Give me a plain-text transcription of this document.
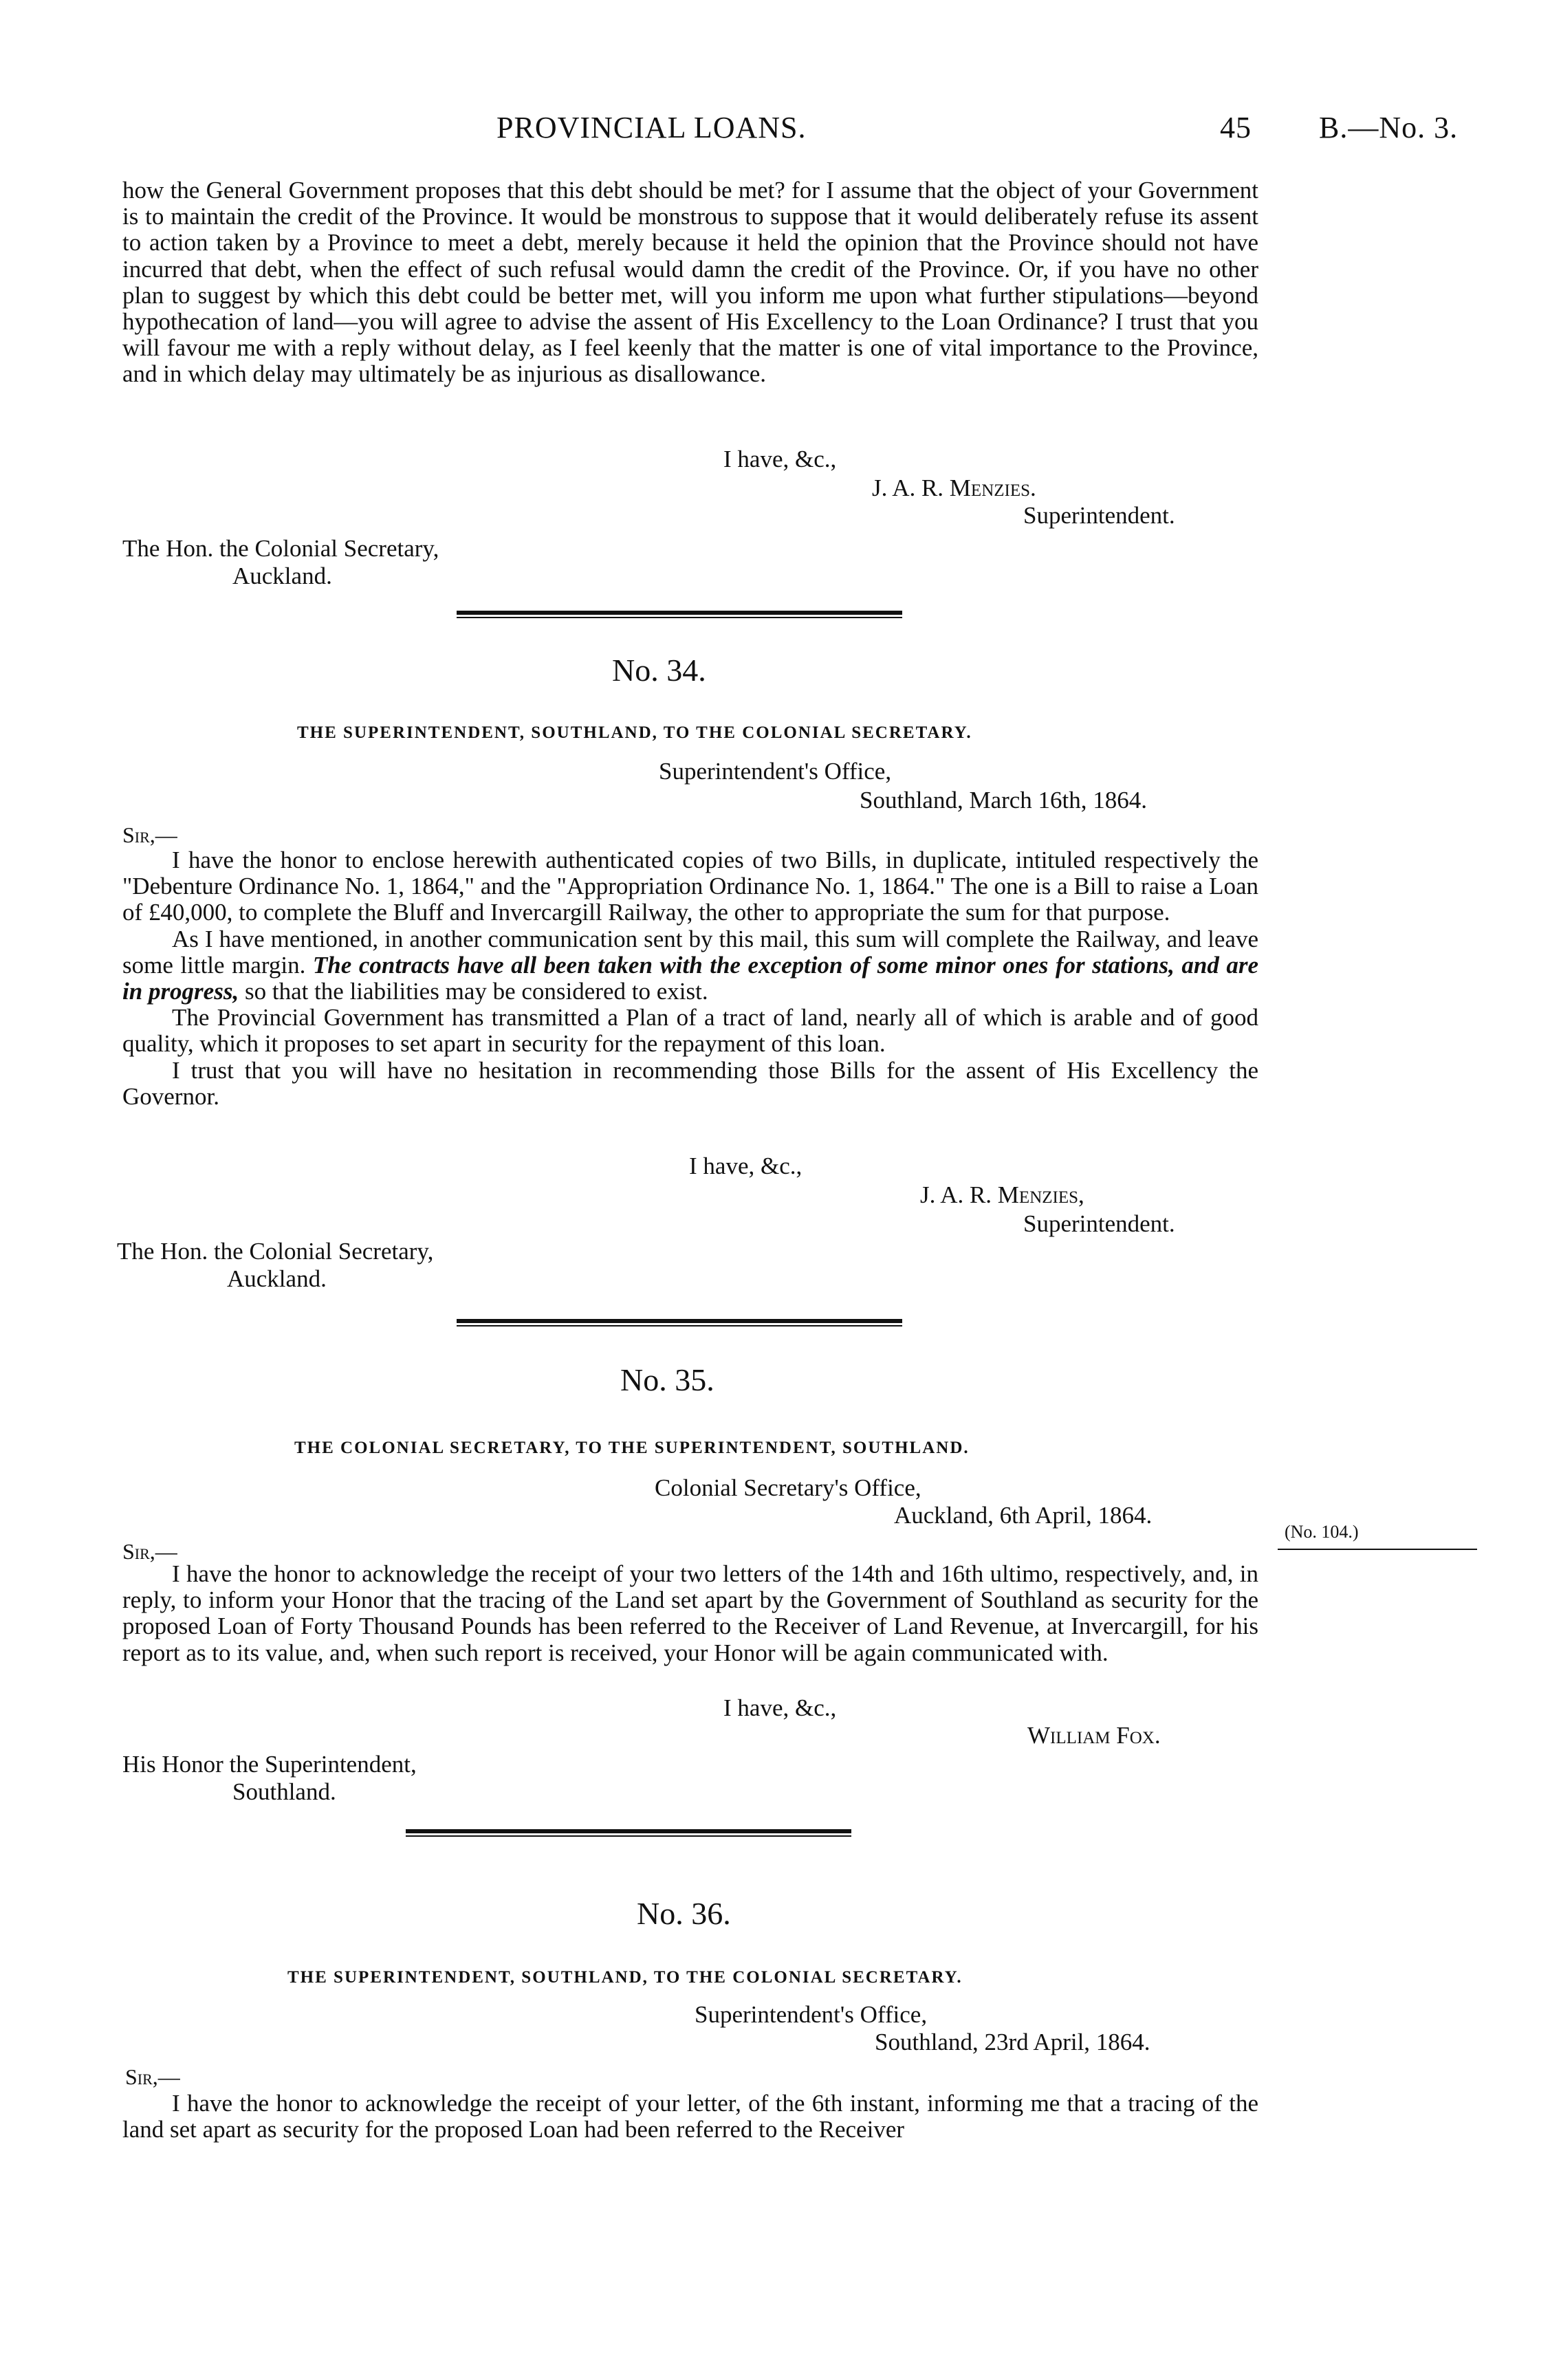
PROVINCIAL LOANS.	45 B.—No. 3.

how the General Government proposes that this debt should be met? for I assume that the object of your Government is to maintain the credit of the Province. It would be monstrous to suppose that it would deliberately refuse its assent to action taken by a Province to meet a debt, merely because it held the opinion that the Province should not have incurred that debt, when the effect of such refusal would damn the credit of the Province. Or, if you have no other plan to suggest by which this debt could be better met, will you inform me upon what further stipulations—beyond hypothecation of land—you will agree to advise the assent of His Excellency to the Loan Ordinance? I trust that you will favour me with a reply without delay, as I feel keenly that the matter is one of vital importance to the Province, and in which delay may ultimately be as injurious as disallowance.

I have, &c.,
J. A. R. Menzies.
Superintendent.
The Hon. the Colonial Secretary,
Auckland.
No. 34.
THE SUPERINTENDENT, SOUTHLAND, TO THE COLONIAL SECRETARY.
Superintendent's Office,
Southland, March 16th, 1864.
Sir,—

I have the honor to enclose herewith authenticated copies of two Bills, in duplicate, intituled respectively the "Debenture Ordinance No. 1, 1864," and the "Appropriation Ordinance No. 1, 1864." The one is a Bill to raise a Loan of £40,000, to complete the Bluff and Invercargill Railway, the other to appropriate the sum for that purpose.

As I have mentioned, in another communication sent by this mail, this sum will complete the Railway, and leave some little margin. The contracts have all been taken with the exception of some minor ones for stations, and are in progress, so that the liabilities may be considered to exist.

The Provincial Government has transmitted a Plan of a tract of land, nearly all of which is arable and of good quality, which it proposes to set apart in security for the repayment of this loan.

I trust that you will have no hesitation in recommending those Bills for the assent of His Excellency the Governor.

I have, &c.,
J. A. R. Menzies,
Superintendent.
The Hon. the Colonial Secretary,
Auckland.
No. 35.
THE COLONIAL SECRETARY, TO THE SUPERINTENDENT, SOUTHLAND.
Colonial Secretary's Office,
Auckland, 6th April, 1864.
(No. 104.)
Sir,—

I have the honor to acknowledge the receipt of your two letters of the 14th and 16th ultimo, respectively, and, in reply, to inform your Honor that the tracing of the Land set apart by the Government of Southland as security for the proposed Loan of Forty Thousand Pounds has been referred to the Receiver of Land Revenue, at Invercargill, for his report as to its value, and, when such report is received, your Honor will be again communicated with.

I have, &c.,
William Fox.
His Honor the Superintendent,
Southland.
No. 36.
THE SUPERINTENDENT, SOUTHLAND, TO THE COLONIAL SECRETARY.
Superintendent's Office,
Southland, 23rd April, 1864.
Sir,—

I have the honor to acknowledge the receipt of your letter, of the 6th instant, informing me that a tracing of the land set apart as security for the proposed Loan had been referred to the Receiver
